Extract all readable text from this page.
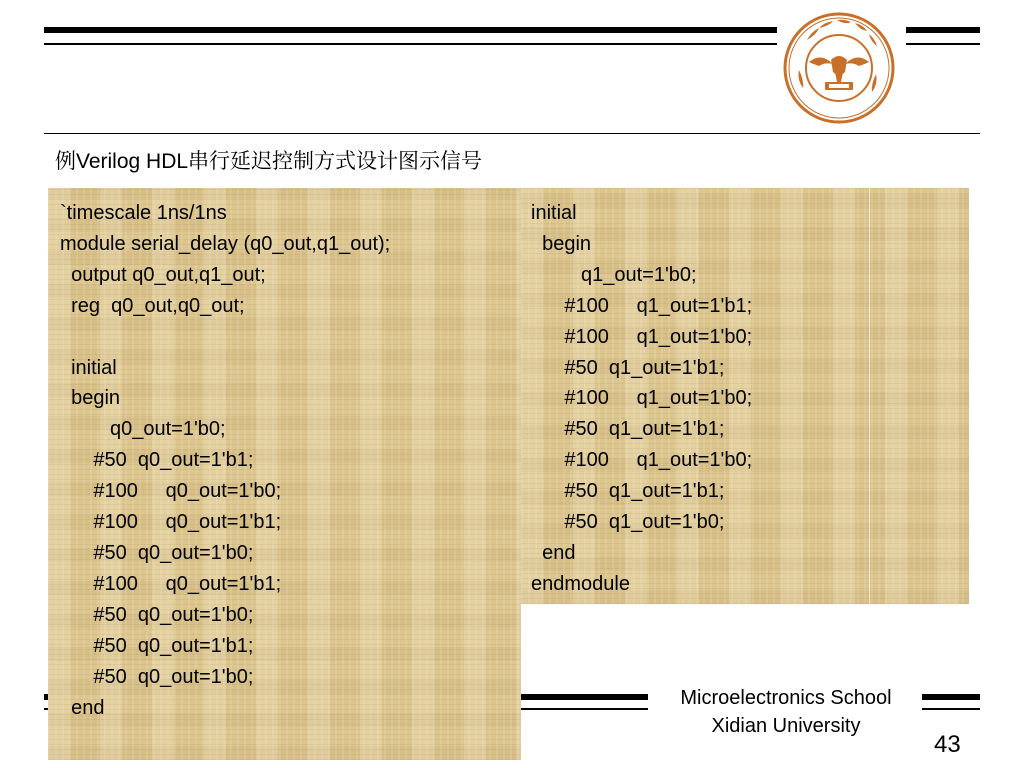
例Verilog HDL串行延迟控制方式设计图示信号
`timescale 1ns/1ns
module serial_delay (q0_out,q1_out);
output q0_out,q1_out;
reg  q0_out,q0_out;

initial
begin
	q0_out=1'b0;
#50  q0_out=1'b1;
#100	q0_out=1'b0;
#100	q0_out=1'b1;
#50  q0_out=1'b0;
#100	q0_out=1'b1;
#50  q0_out=1'b0;
#50  q0_out=1'b1;
#50  q0_out=1'b0;
end
initial
begin
	q1_out=1'b0;
#100	q1_out=1'b1;
#100	q1_out=1'b0;
#50  q1_out=1'b1;
#100	q1_out=1'b0;
#50  q1_out=1'b1;
#100	q1_out=1'b0;
#50  q1_out=1'b1;
#50  q1_out=1'b0;
end
endmodule
Microelectronics School
Xidian University
43
